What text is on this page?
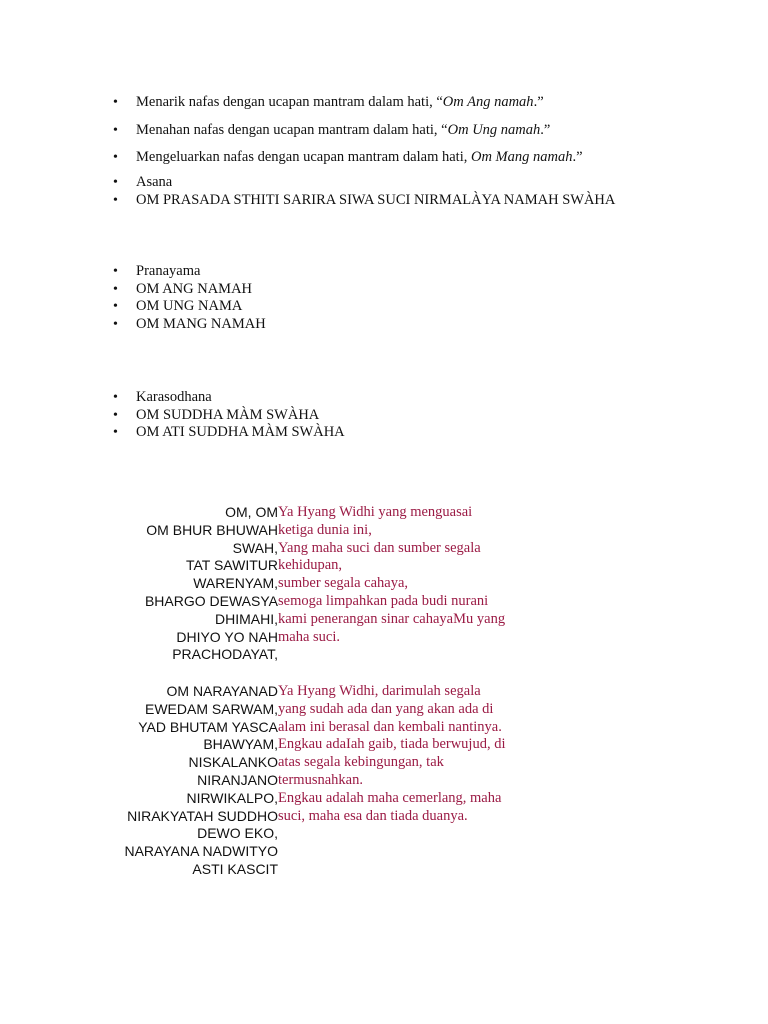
• Menarik nafas dengan ucapan mantram dalam hati, “Om Ang namah.”
• Menahan nafas dengan ucapan mantram dalam hati, “Om Ung namah.”
• Mengeluarkan nafas dengan ucapan mantram dalam hati, Om Mang namah.”
• Asana
• OM PRASADA STHITI SARIRA SIWA SUCI NIRMALÀYA NAMAH SWÀHA
• Pranayama
• OM ANG NAMAH
• OM UNG NAMA
• OM MANG NAMAH
• Karasodhana
• OM SUDDHA MÀM SWÀHA
• OM ATI SUDDHA MÀM SWÀHA
OM, OM Ya Hyang Widhi yang menguasai
OM BHUR BHUWAH ketiga dunia ini,
SWAH, Yang maha suci dan sumber segala
TAT SAWITUR kehidupan,
WARENYAM, sumber segala cahaya,
BHARGO DEWASYA semoga limpahkan pada budi nurani
DHIMAHI, kami penerangan sinar cahayaMu yang
DHIYO YO NAH maha suci.
PRACHODAYAT,
OM NARAYANAD Ya Hyang Widhi, darimulah segala
EWEDAM SARWAM, yang sudah ada dan yang akan ada di
YAD BHUTAM YASCA alam ini berasal dan kembali nantinya.
BHAWYAM, Engkau adaIah gaib, tiada berwujud, di
NISKALANKO atas segala kebingungan, tak
NIRANJANO termusnahkan.
NIRWIKALPO, Engkau adalah maha cemerlang, maha
NIRAKYATAH SUDDHO suci, maha esa dan tiada duanya.
DEWO EKO,
NARAYANA NADWITYO
ASTI KASCIT
